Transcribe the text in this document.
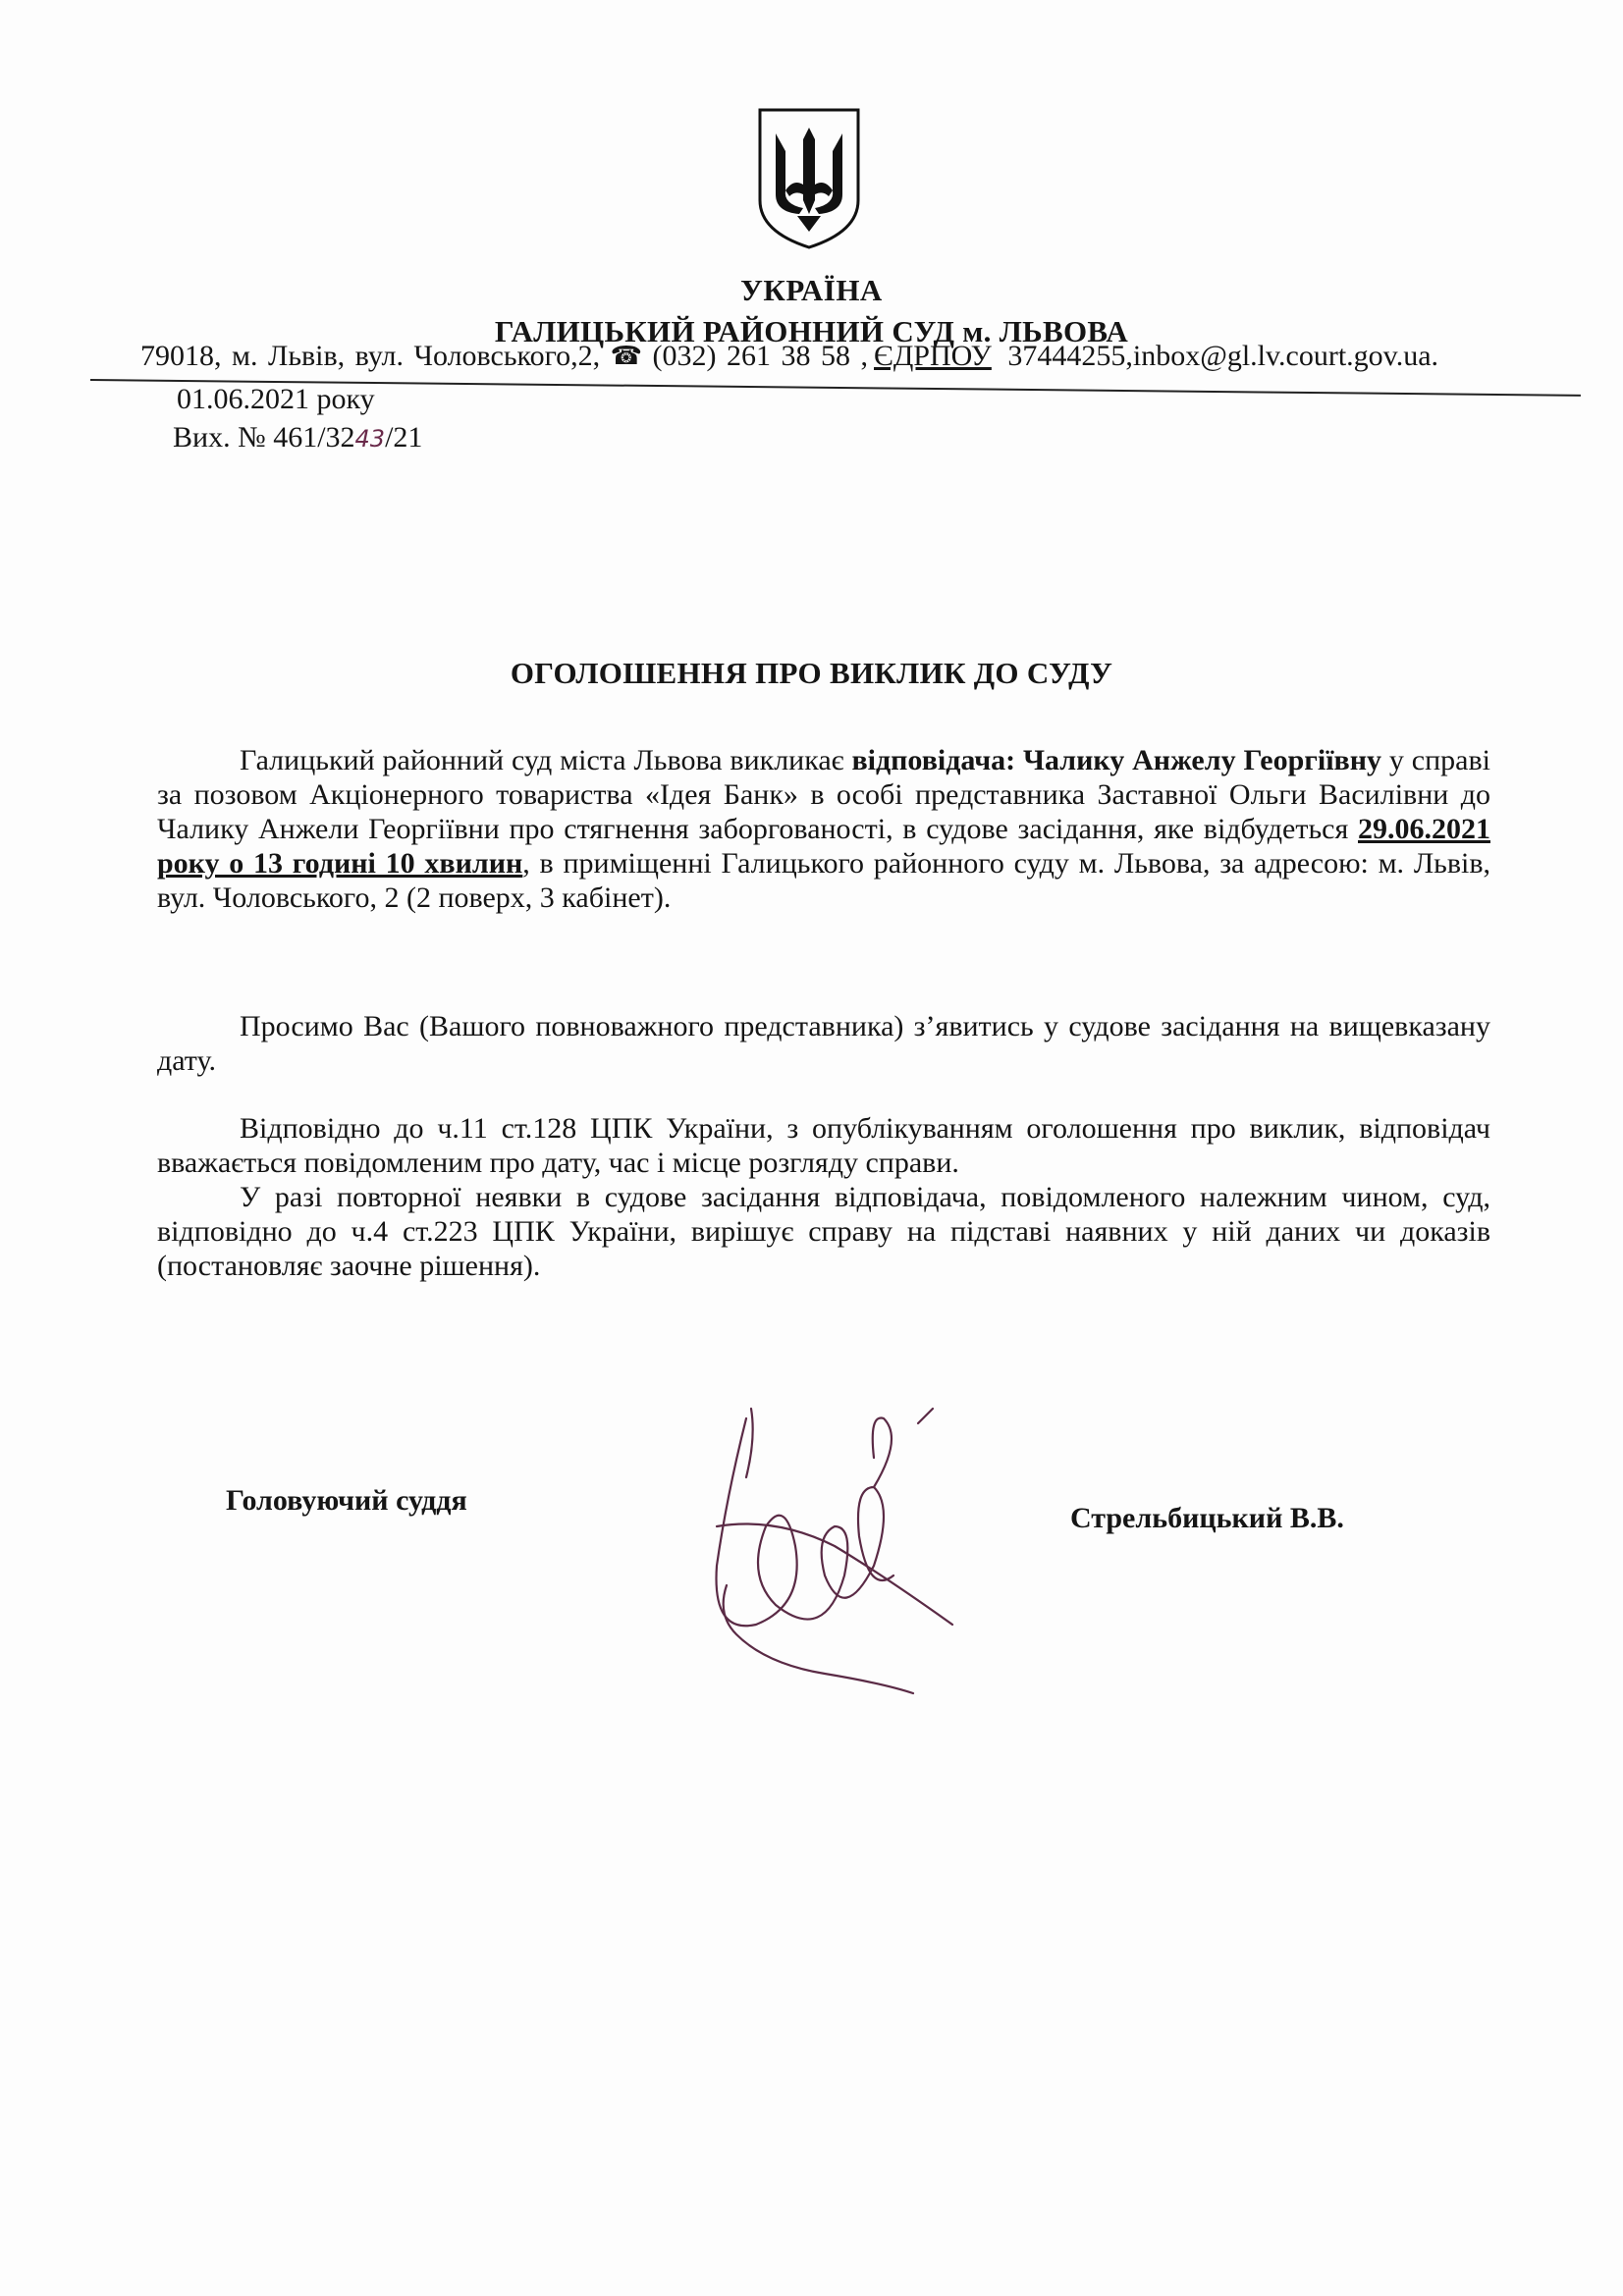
УКРАЇНА
ГАЛИЦЬКИЙ РАЙОННИЙ СУД м. ЛЬВОВА
79018, м. Львів, вул. Чоловського,2, ☎ (032) 261 38 58 , ЄДРПОУ 37444255,inbox@gl.lv.court.gov.ua.
01.06.2021 року
Вих. № 461/3243/21
ОГОЛОШЕННЯ ПРО ВИКЛИК ДО СУДУ

Галицький районний суд міста Львова викликає відповідача: Чалику Анжелу Георгіївну у справі за позовом Акціонерного товариства «Ідея Банк» в особі представника Заставної Ольги Василівни до Чалику Анжели Георгіївни про стягнення заборгованості, в судове засідання, яке відбудеться 29.06.2021 року о 13 годині 10 хвилин, в приміщенні Галицького районного суду м. Львова, за адресою: м. Львів, вул. Чоловського, 2 (2 поверх, 3 кабінет).

Просимо Вас (Вашого повноважного представника) з’явитись у судове засідання на вищевказану дату.

Відповідно до ч.11 ст.128 ЦПК України, з опублікуванням оголошення про виклик, відповідач вважається повідомленим про дату, час і місце розгляду справи.

У разі повторної неявки в судове засідання відповідача, повідомленого належним чином, суд, відповідно до ч.4 ст.223 ЦПК України, вирішує справу на підставі наявних у ній даних чи доказів (постановляє заочне рішення).

Головуючий суддя
Стрельбицький В.В.
